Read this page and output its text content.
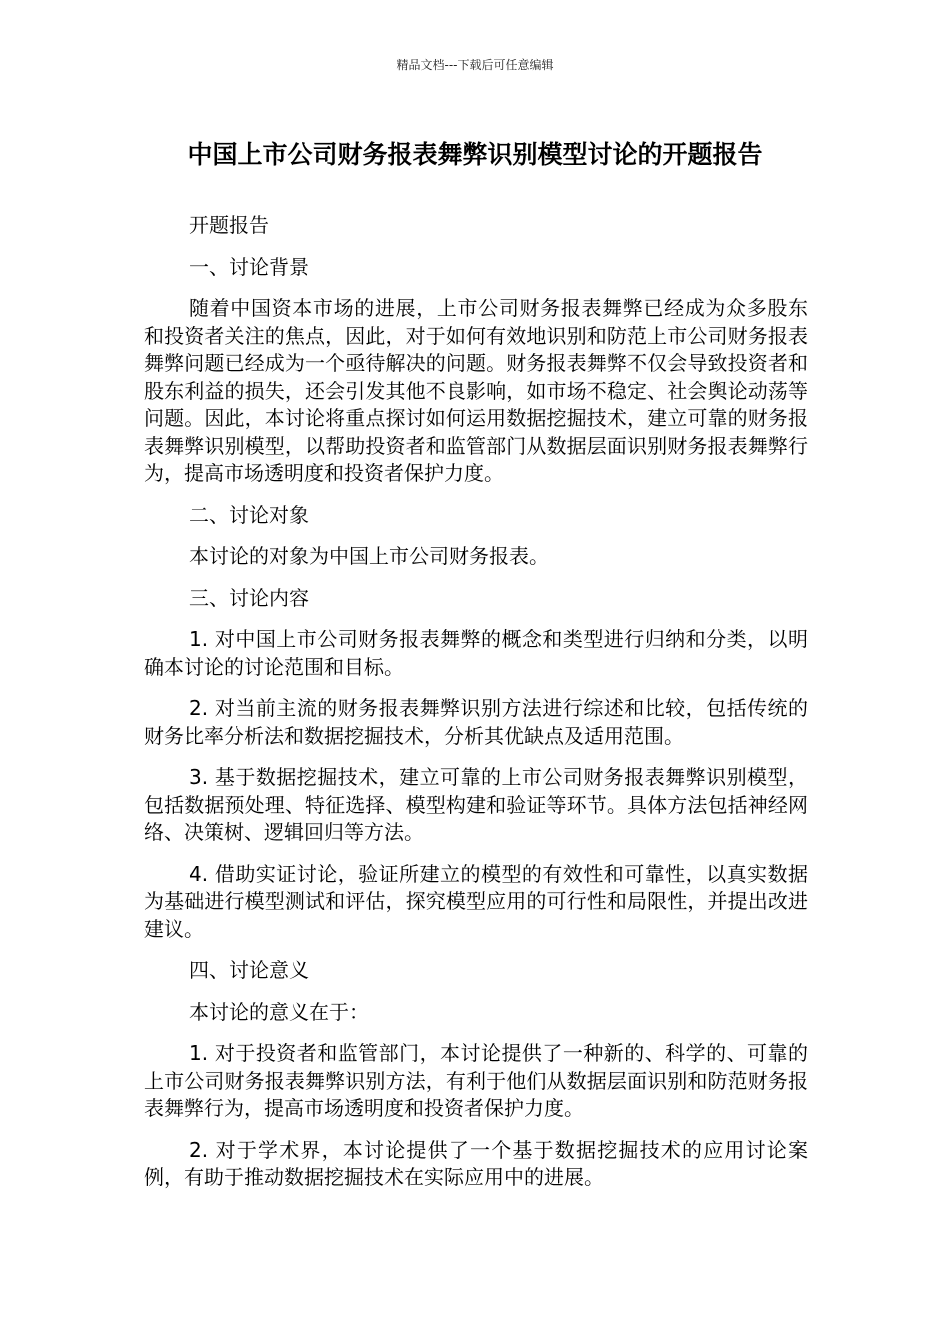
精品文档---下载后可任意编辑
中国上市公司财务报表舞弊识别模型讨论的开题报告

开题报告

一、讨论背景

随着中国资本市场的进展，上市公司财务报表舞弊已经成为众多股东和投资者关注的焦点，因此，对于如何有效地识别和防范上市公司财务报表舞弊问题已经成为一个亟待解决的问题。财务报表舞弊不仅会导致投资者和股东利益的损失，还会引发其他不良影响，如市场不稳定、社会舆论动荡等问题。因此，本讨论将重点探讨如何运用数据挖掘技术，建立可靠的财务报表舞弊识别模型，以帮助投资者和监管部门从数据层面识别财务报表舞弊行为，提高市场透明度和投资者保护力度。

二、讨论对象

本讨论的对象为中国上市公司财务报表。

三、讨论内容

1. 对中国上市公司财务报表舞弊的概念和类型进行归纳和分类，以明确本讨论的讨论范围和目标。

2. 对当前主流的财务报表舞弊识别方法进行综述和比较，包括传统的财务比率分析法和数据挖掘技术，分析其优缺点及适用范围。

3. 基于数据挖掘技术，建立可靠的上市公司财务报表舞弊识别模型，包括数据预处理、特征选择、模型构建和验证等环节。具体方法包括神经网络、决策树、逻辑回归等方法。

4. 借助实证讨论，验证所建立的模型的有效性和可靠性，以真实数据为基础进行模型测试和评估，探究模型应用的可行性和局限性，并提出改进建议。

四、讨论意义

本讨论的意义在于：

1. 对于投资者和监管部门，本讨论提供了一种新的、科学的、可靠的上市公司财务报表舞弊识别方法，有利于他们从数据层面识别和防范财务报表舞弊行为，提高市场透明度和投资者保护力度。

2. 对于学术界，本讨论提供了一个基于数据挖掘技术的应用讨论案例，有助于推动数据挖掘技术在实际应用中的进展。
